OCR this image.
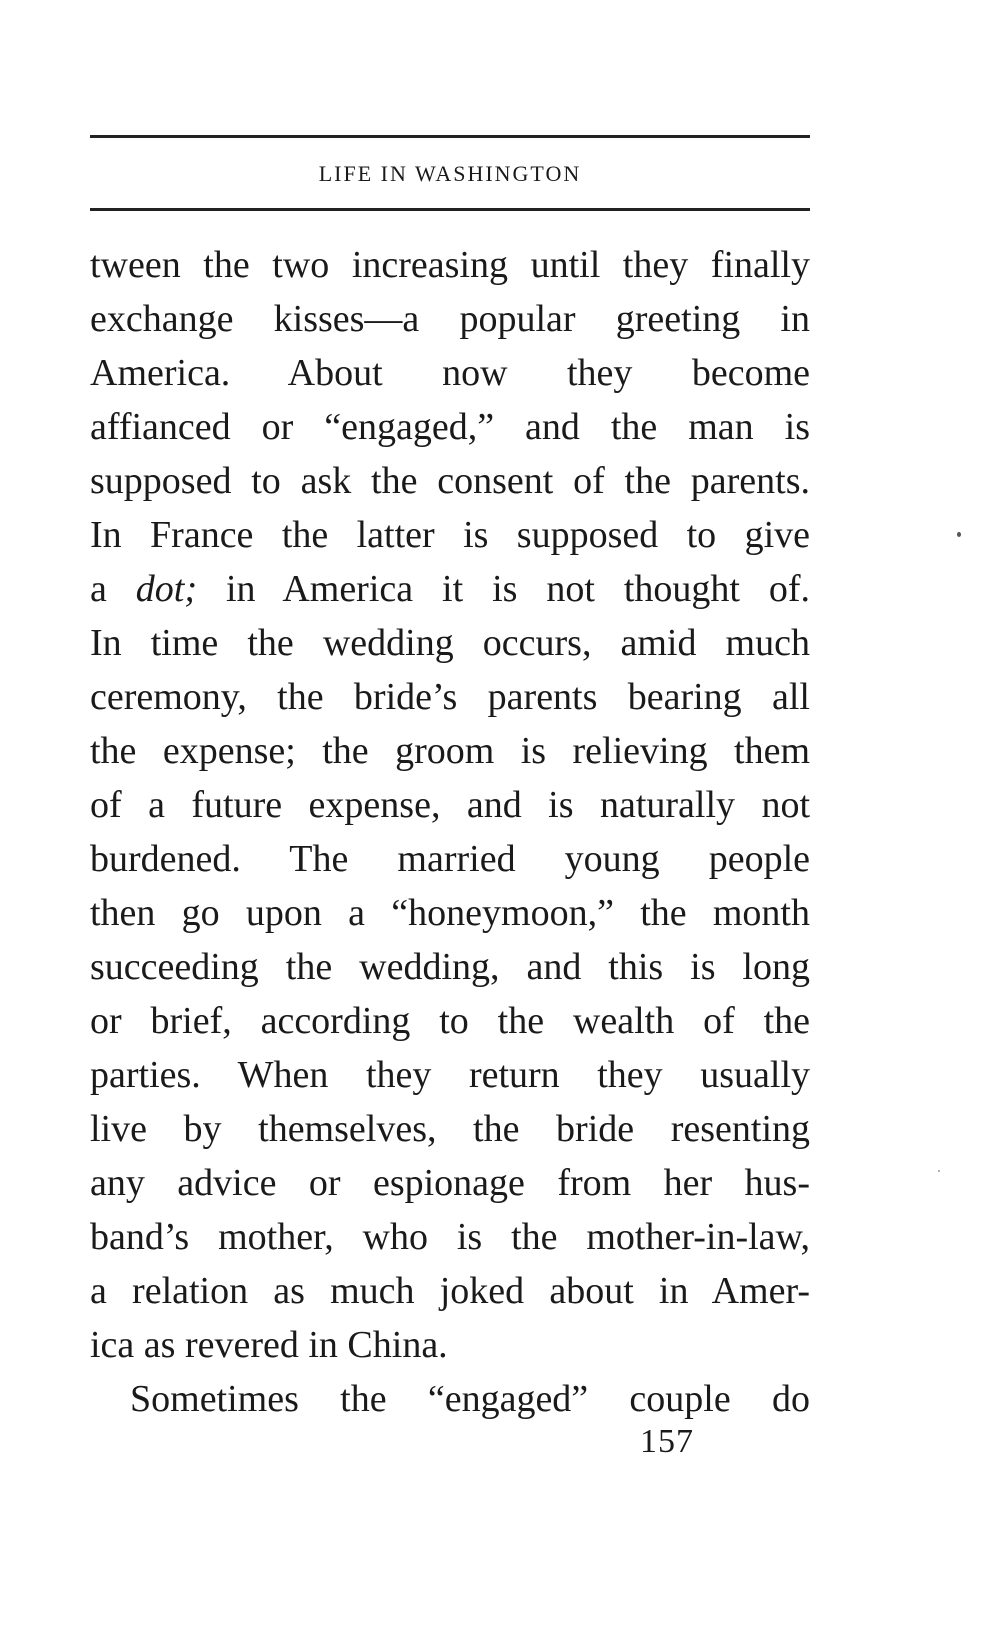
LIFE IN WASHINGTON
tween the two increasing until they finally
exchange kisses—a popular greeting in
America. About now they become
affianced or “engaged,” and the man is
supposed to ask the consent of the parents.
In France the latter is supposed to give
a dot; in America it is not thought of.
In time the wedding occurs, amid much
ceremony, the bride’s parents bearing all
the expense; the groom is relieving them
of a future expense, and is naturally not
burdened. The married young people
then go upon a “honeymoon,” the month
succeeding the wedding, and this is long
or brief, according to the wealth of the
parties. When they return they usually
live by themselves, the bride resenting
any advice or espionage from her hus-
band’s mother, who is the mother-in-law,
a relation as much joked about in Amer-
ica as revered in China.
Sometimes the “engaged” couple do
157
